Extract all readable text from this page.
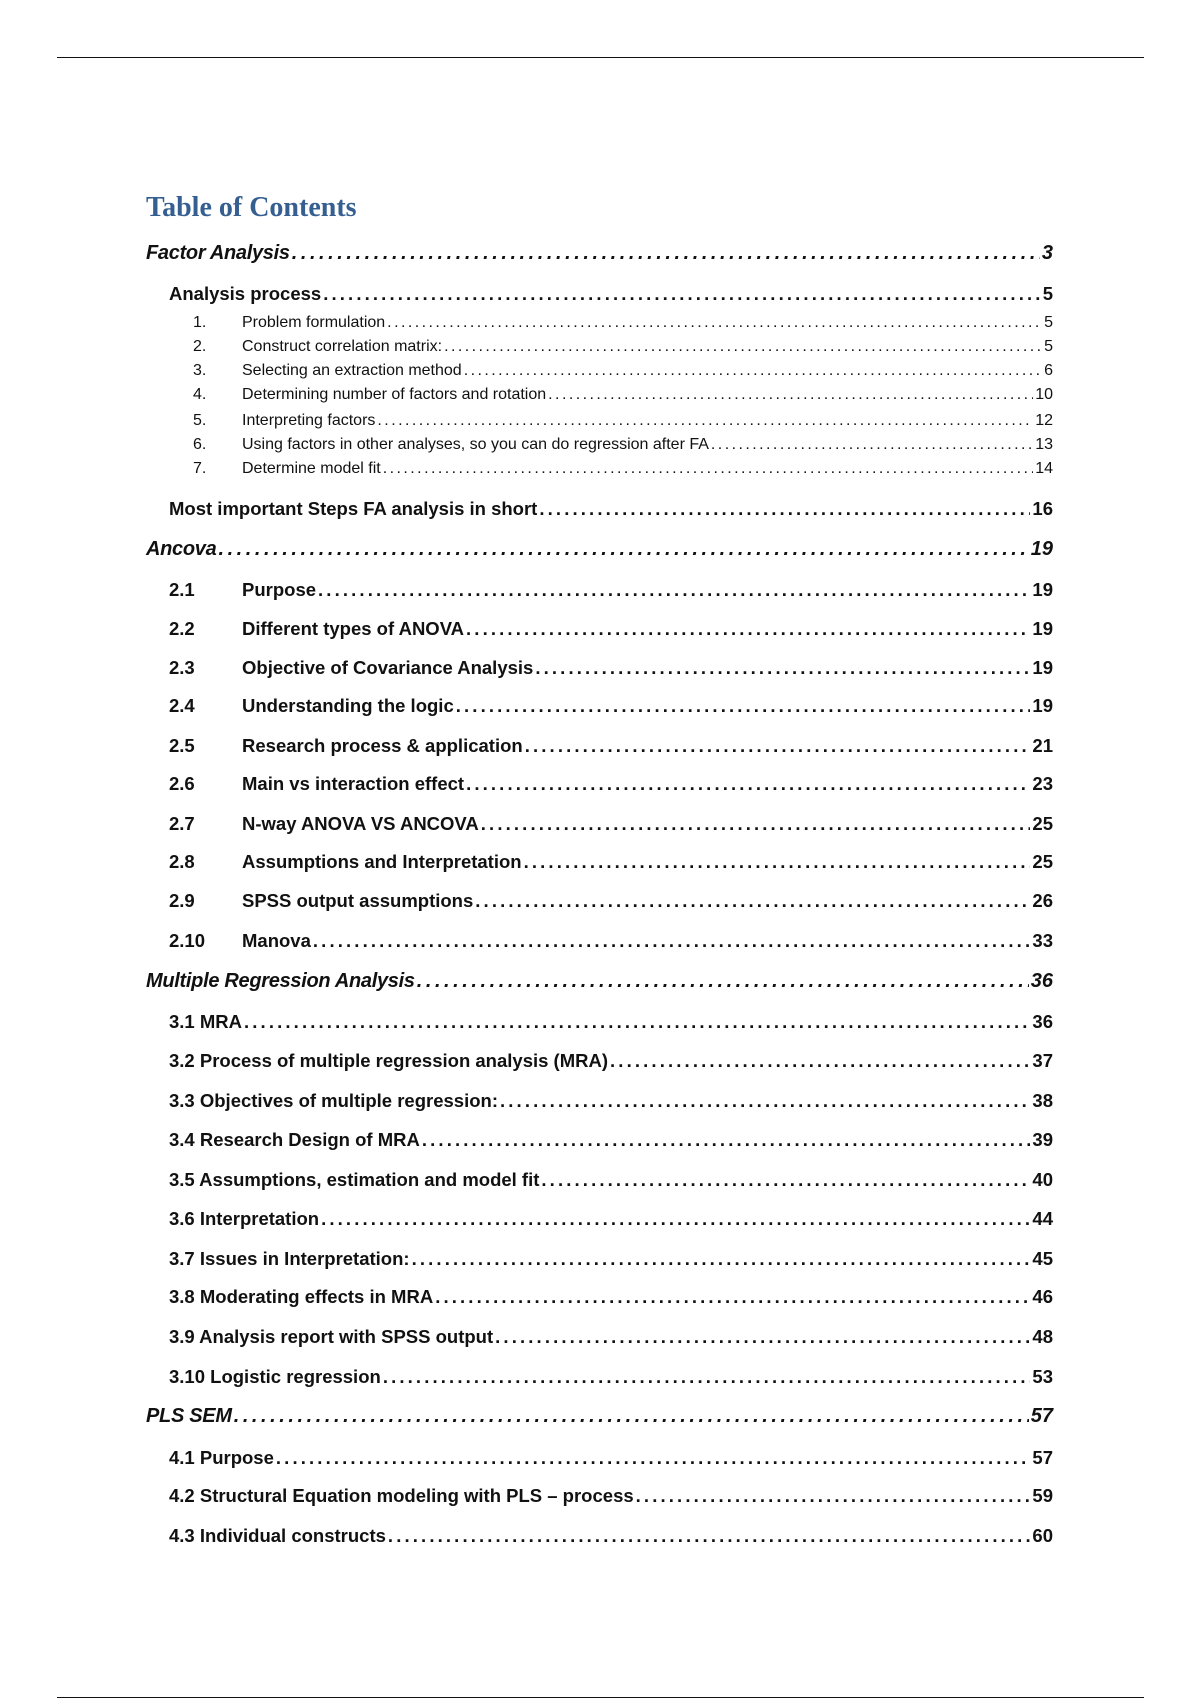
Table of Contents
Factor Analysis . . .	3
Analysis process . . .	5
1.	Problem formulation . . .	5
2.	Construct correlation matrix: . . .	5
3.	Selecting an extraction method . . .	6
4.	Determining number of factors and rotation . . .	10
5.	Interpreting factors . . .	12
6.	Using factors in other analyses, so you can do regression after FA . . .	13
7.	Determine model fit . . .	14
Most important Steps FA analysis in short . . .	16
Ancova . . .	19
2.1	Purpose . . .	19
2.2	Different types of ANOVA . . .	19
2.3	Objective of Covariance Analysis . . .	19
2.4	Understanding the logic . . .	19
2.5	Research process & application . . .	21
2.6	Main vs interaction effect . . .	23
2.7	N-way ANOVA VS ANCOVA . . .	25
2.8	Assumptions and Interpretation . . .	25
2.9	SPSS output assumptions . . .	26
2.10	Manova . . .	33
Multiple Regression Analysis . . .	36
3.1 MRA . . .	36
3.2 Process of multiple regression analysis (MRA) . . .	37
3.3 Objectives of multiple regression: . . .	38
3.4 Research Design of MRA . . .	39
3.5 Assumptions, estimation and model fit . . .	40
3.6 Interpretation . . .	44
3.7 Issues in Interpretation: . . .	45
3.8 Moderating effects in MRA . . .	46
3.9 Analysis report with SPSS output . . .	48
3.10 Logistic regression . . .	53
PLS SEM . . .	57
4.1 Purpose . . .	57
4.2 Structural Equation modeling with PLS – process . . .	59
4.3 Individual constructs . . .	60
